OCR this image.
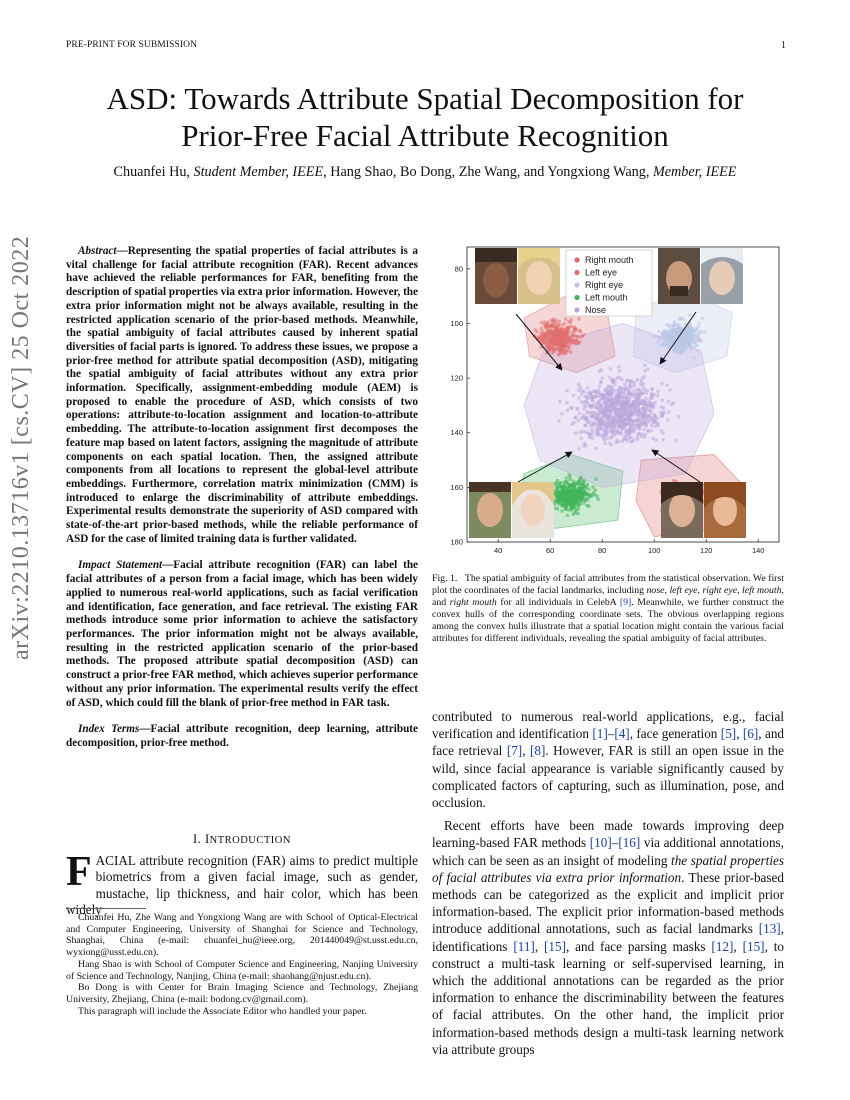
PRE-PRINT FOR SUBMISSION	1
arXiv:2210.13716v1 [cs.CV] 25 Oct 2022
ASD: Towards Attribute Spatial Decomposition for
Prior-Free Facial Attribute Recognition
Chuanfei Hu, Student Member, IEEE, Hang Shao, Bo Dong, Zhe Wang, and Yongxiong Wang, Member, IEEE

Abstract—Representing the spatial properties of facial attributes is a vital challenge for facial attribute recognition (FAR). Recent advances have achieved the reliable performances for FAR, benefiting from the description of spatial properties via extra prior information. However, the extra prior information might not be always available, resulting in the restricted application scenario of the prior-based methods. Meanwhile, the spatial ambiguity of facial attributes caused by inherent spatial diversities of facial parts is ignored. To address these issues, we propose a prior-free method for attribute spatial decomposition (ASD), mitigating the spatial ambiguity of facial attributes without any extra prior information. Specifically, assignment-embedding module (AEM) is proposed to enable the procedure of ASD, which consists of two operations: attribute-to-location assignment and location-to-attribute embedding. The attribute-to-location assignment first decomposes the feature map based on latent factors, assigning the magnitude of attribute components on each spatial location. Then, the assigned attribute components from all locations to represent the global-level attribute embeddings. Furthermore, correlation matrix minimization (CMM) is introduced to enlarge the discriminability of attribute embeddings. Experimental results demonstrate the superiority of ASD compared with state-of-the-art prior-based methods, while the reliable performance of ASD for the case of limited training data is further validated.

Impact Statement—Facial attribute recognition (FAR) can label the facial attributes of a person from a facial image, which has been widely applied to numerous real-world applications, such as facial verification and identification, face generation, and face retrieval. The existing FAR methods introduce some prior information to achieve the satisfactory performances. The prior information might not be always available, resulting in the restricted application scenario of the prior-based methods. The proposed attribute spatial decomposition (ASD) can construct a prior-free FAR method, which achieves superior performance without any prior information. The experimental results verify the effect of ASD, which could fill the blank of prior-free method in FAR task.

Index Terms—Facial attribute recognition, deep learning, attribute decomposition, prior-free method.

I. INTRODUCTION

FACIAL attribute recognition (FAR) aims to predict multiple biometrics from a given facial image, such as gender, mustache, lip thickness, and hair color, which has been widely

Chuanfei Hu, Zhe Wang and Yongxiong Wang are with School of Optical-Electrical and Computer Engineering, University of Shanghai for Science and Technology, Shanghai, China (e-mail: chuanfei_hu@ieee.org, 201440049@st.usst.edu.cn, wyxiong@usst.edu.cn).

Hang Shao is with School of Computer Science and Engineering, Nanjing University of Science and Technology, Nanjing, China (e-mail: shaohang@njust.edu.cn).

Bo Dong is with Center for Brain Imaging Science and Technology, Zhejiang University, Zhejiang, China (e-mail: bodong.cv@gmail.com).

This paragraph will include the Associate Editor who handled your paper.

40	60	80	100	120	140
80
100
120
140
160
180
Right mouth
Left eye
Right eye
Left mouth
Nose
Fig. 1. The spatial ambiguity of facial attributes from the statistical observation. We first plot the coordinates of the facial landmarks, including nose, left eye, right eye, left mouth, and right mouth for all individuals in CelebA [9]. Meanwhile, we further construct the convex hulls of the corresponding coordinate sets. The obvious overlapping regions among the convex hulls illustrate that a spatial location might contain the various facial attributes for different individuals, revealing the spatial ambiguity of facial attributes.

contributed to numerous real-world applications, e.g., facial verification and identification [1]–[4], face generation [5], [6], and face retrieval [7], [8]. However, FAR is still an open issue in the wild, since facial appearance is variable significantly caused by complicated factors of capturing, such as illumination, pose, and occlusion.

Recent efforts have been made towards improving deep learning-based FAR methods [10]–[16] via additional annotations, which can be seen as an insight of modeling the spatial properties of facial attributes via extra prior information. These prior-based methods can be categorized as the explicit and implicit prior information-based. The explicit prior information-based methods introduce additional annotations, such as facial landmarks [13], identifications [11], [15], and face parsing masks [12], [15], to construct a multi-task learning or self-supervised learning, in which the additional annotations can be regarded as the prior information to enhance the discriminability between the features of facial attributes. On the other hand, the implicit prior information-based methods design a multi-task learning network via attribute groups
